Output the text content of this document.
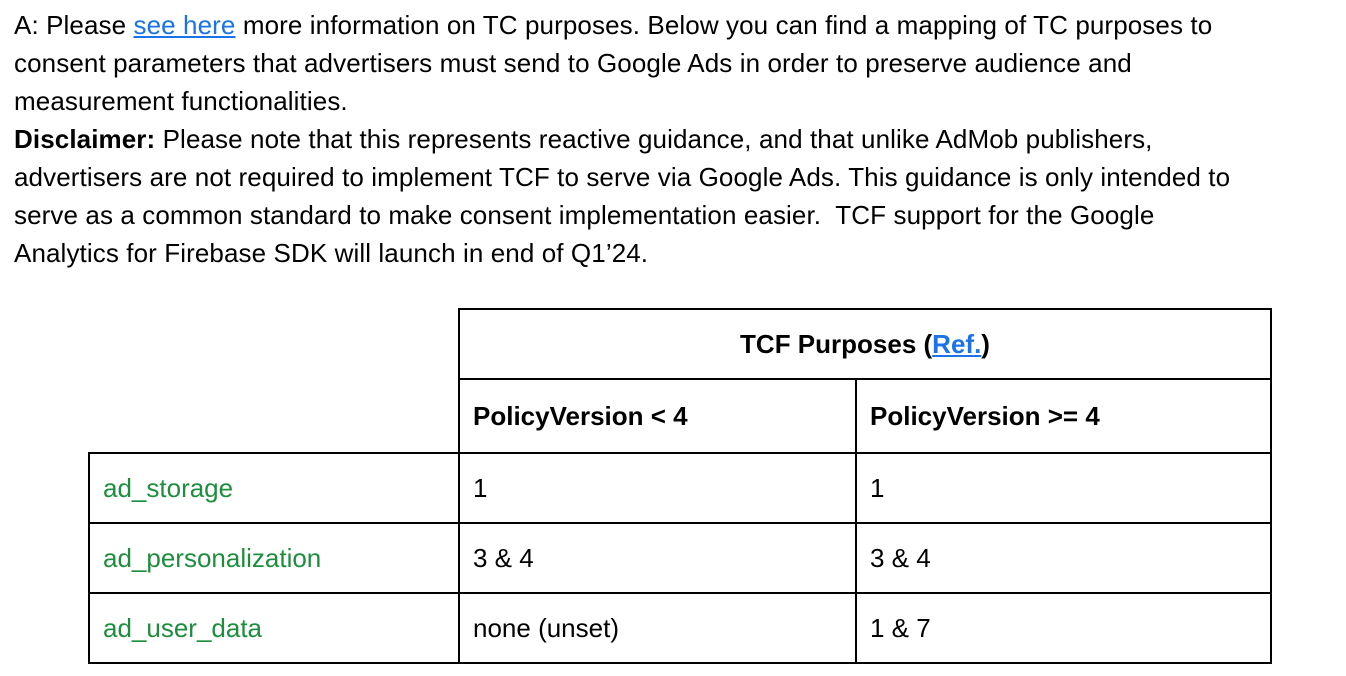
A: Please see here more information on TC purposes. Below you can find a mapping of TC purposes to
consent parameters that advertisers must send to Google Ads in order to preserve audience and
measurement functionalities.
Disclaimer: Please note that this represents reactive guidance, and that unlike AdMob publishers,
advertisers are not required to implement TCF to serve via Google Ads. This guidance is only intended to
serve as a common standard to make consent implementation easier.  TCF support for the Google
Analytics for Firebase SDK will launch in end of Q1’24.
	TCF Purposes (Ref.)	
	PolicyVersion < 4	PolicyVersion >= 4
ad_storage	1	1
ad_personalization	3 & 4	3 & 4
ad_user_data	none (unset)	1 & 7
